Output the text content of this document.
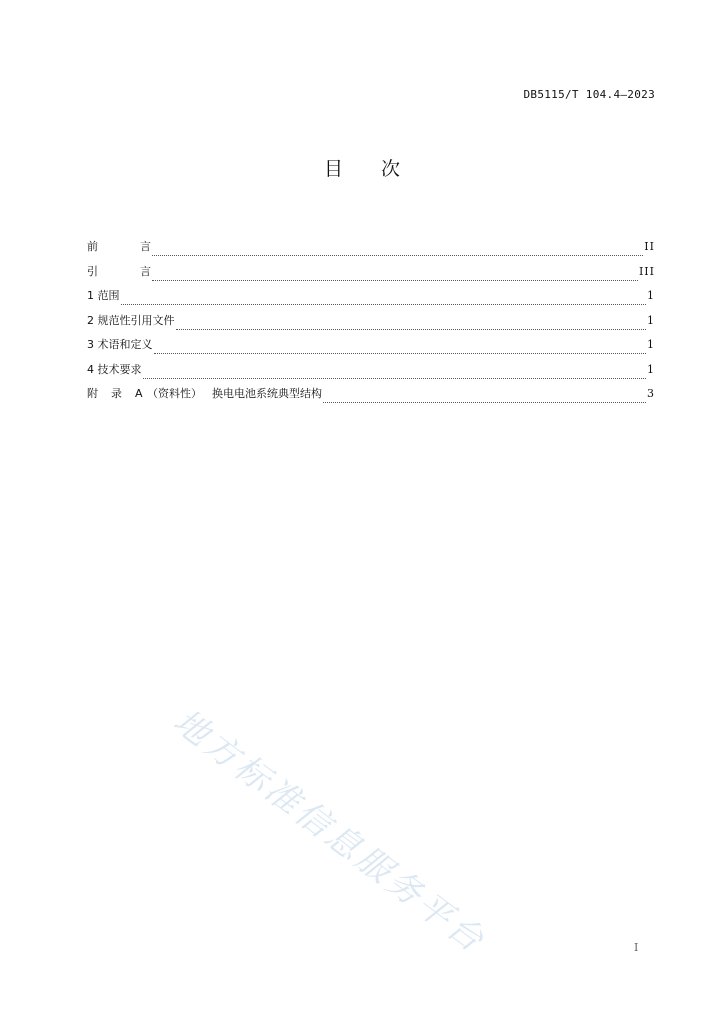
DB5115/T 104.4—2023
目 次
前	言	II
引	言	III
1 范围	1
2 规范性引用文件	1
3 术语和定义	1
4 技术要求	1
附 录 A （资料性） 换电电池系统典型结构	3
地方标准信息服务平台	I
